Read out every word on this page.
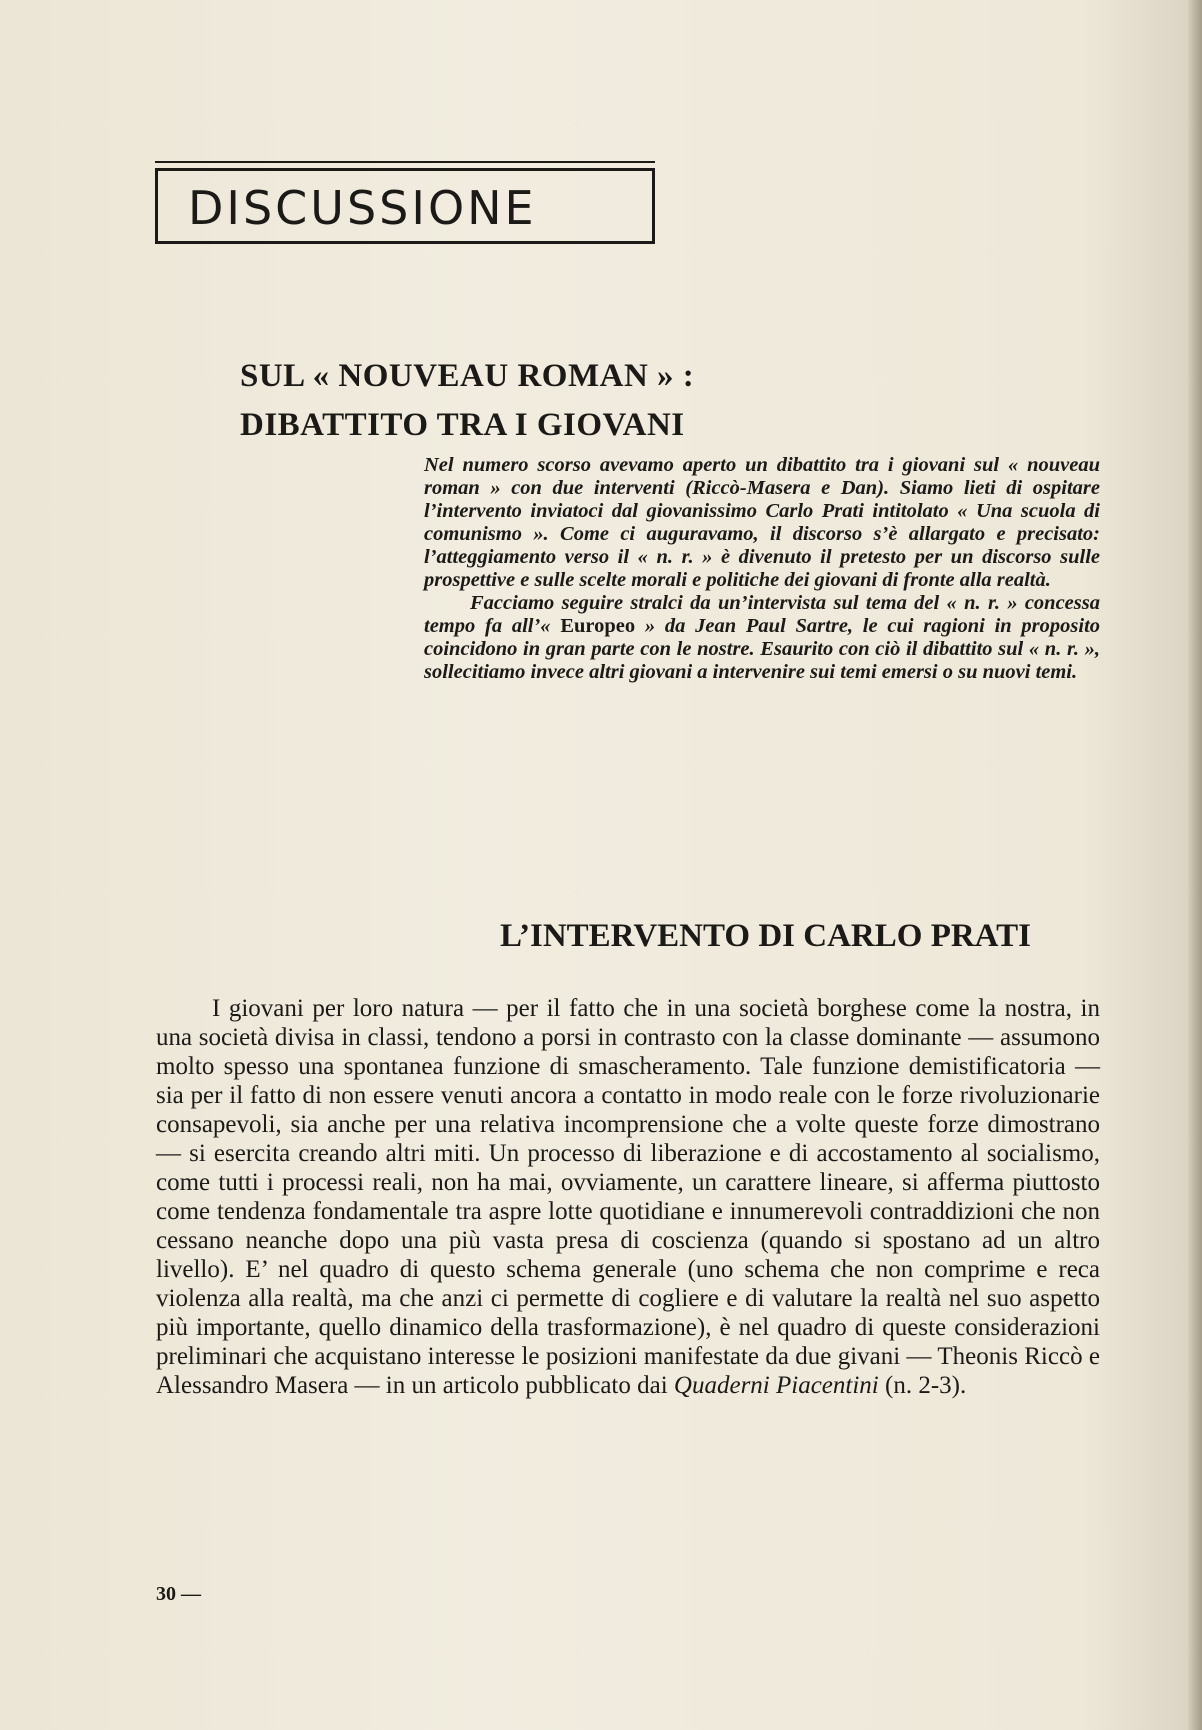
DISCUSSIONE
SUL « NOUVEAU ROMAN » :
DIBATTITO TRA I GIOVANI

Nel numero scorso avevamo aperto un dibattito tra i giovani sul « nouveau roman » con due interventi (Riccò-Masera e Dan). Siamo lieti di ospitare l’intervento inviatoci dal giovanissimo Carlo Prati intitolato « Una scuola di comunismo ». Come ci auguravamo, il discorso s’è allargato e precisato: l’atteggiamento verso il « n. r. » è divenuto il pretesto per un discorso sulle prospettive e sulle scelte morali e politiche dei giovani di fronte alla realtà.

Facciamo seguire stralci da un’intervista sul tema del « n. r. » concessa tempo fa all’« Europeo » da Jean Paul Sartre, le cui ragioni in proposito coincidono in gran parte con le nostre. Esaurito con ciò il dibattito sul « n. r. », sollecitiamo invece altri giovani a intervenire sui temi emersi o su nuovi temi.

L’INTERVENTO DI CARLO PRATI

I giovani per loro natura — per il fatto che in una società borghese come la nostra, in una società divisa in classi, tendono a porsi in contrasto con la classe dominante — assumono molto spesso una spontanea funzione di smascheramento. Tale funzione demistificatoria — sia per il fatto di non essere venuti ancora a contatto in modo reale con le forze rivoluzionarie consapevoli, sia anche per una relativa incomprensione che a volte queste forze dimostrano — si esercita creando altri miti. Un processo di liberazione e di accostamento al socialismo, come tutti i processi reali, non ha mai, ovviamente, un carattere lineare, si afferma piuttosto come tendenza fondamentale tra aspre lotte quotidiane e innumerevoli contraddizioni che non cessano neanche dopo una più vasta presa di coscienza (quando si spostano ad un altro livello). E’ nel quadro di questo schema generale (uno schema che non comprime e reca violenza alla realtà, ma che anzi ci permette di cogliere e di valutare la realtà nel suo aspetto più importante, quello dinamico della trasformazione), è nel quadro di queste considerazioni preliminari che acquistano interesse le posizioni manifestate da due givani — Theonis Riccò e Alessandro Masera — in un articolo pubblicato dai Quaderni Piacentini (n. 2-3).

30 —
